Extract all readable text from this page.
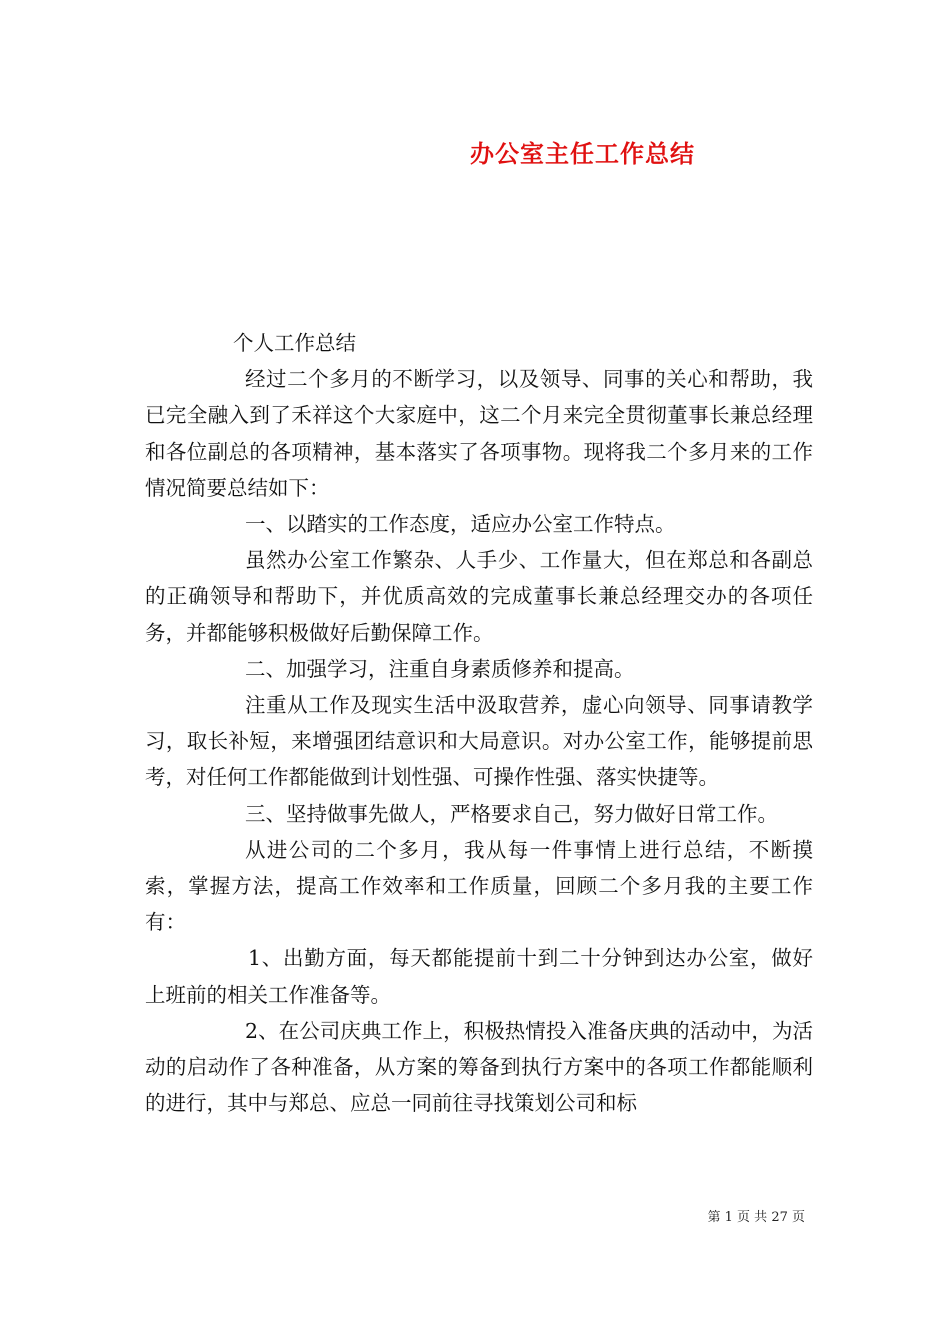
办公室主任工作总结

个人工作总结

经过二个多月的不断学习，以及领导、同事的关心和帮助，我已完全融入到了禾祥这个大家庭中，这二个月来完全贯彻董事长兼总经理和各位副总的各项精神，基本落实了各项事物。现将我二个多月来的工作情况简要总结如下：

一、以踏实的工作态度，适应办公室工作特点。

虽然办公室工作繁杂、人手少、工作量大，但在郑总和各副总的正确领导和帮助下，并优质高效的完成董事长兼总经理交办的各项任务，并都能够积极做好后勤保障工作。

二、加强学习，注重自身素质修养和提高。

注重从工作及现实生活中汲取营养，虚心向领导、同事请教学习，取长补短，来增强团结意识和大局意识。对办公室工作，能够提前思考，对任何工作都能做到计划性强、可操作性强、落实快捷等。

三、坚持做事先做人，严格要求自己，努力做好日常工作。

从进公司的二个多月，我从每一件事情上进行总结，不断摸索，掌握方法，提高工作效率和工作质量，回顾二个多月我的主要工作有：

1、出勤方面，每天都能提前十到二十分钟到达办公室，做好上班前的相关工作准备等。

2、在公司庆典工作上，积极热情投入准备庆典的活动中，为活动的启动作了各种准备，从方案的筹备到执行方案中的各项工作都能顺利的进行，其中与郑总、应总一同前往寻找策划公司和标

第 1 页 共 27 页
